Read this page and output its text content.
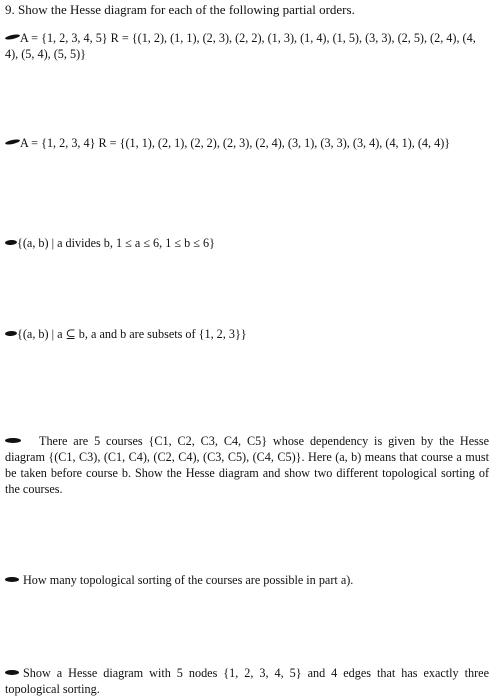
9. Show the Hesse diagram for each of the following partial orders.
A = {1, 2, 3, 4, 5} R = {(1, 2), (1, 1), (2, 3), (2, 2), (1, 3), (1, 4), (1, 5), (3, 3), (2, 5), (2, 4), (4, 4), (5, 4), (5, 5)}
A = {1, 2, 3, 4} R = {(1, 1), (2, 1), (2, 2), (2, 3), (2, 4), (3, 1), (3, 3), (3, 4), (4, 1), (4, 4)}
{(a, b) | a divides b, 1 ≤ a ≤ 6, 1 ≤ b ≤ 6}
{(a, b) | a ⊆ b, a and b are subsets of {1, 2, 3}}
There are 5 courses {C1, C2, C3, C4, C5} whose dependency is given by the Hesse diagram {(C1, C3), (C1, C4), (C2, C4), (C3, C5), (C4, C5)}. Here (a, b) means that course a must be taken before course b. Show the Hesse diagram and show two different topological sorting of the courses.
How many topological sorting of the courses are possible in part a).
Show a Hesse diagram with 5 nodes {1, 2, 3, 4, 5} and 4 edges that has exactly three topological sorting.
